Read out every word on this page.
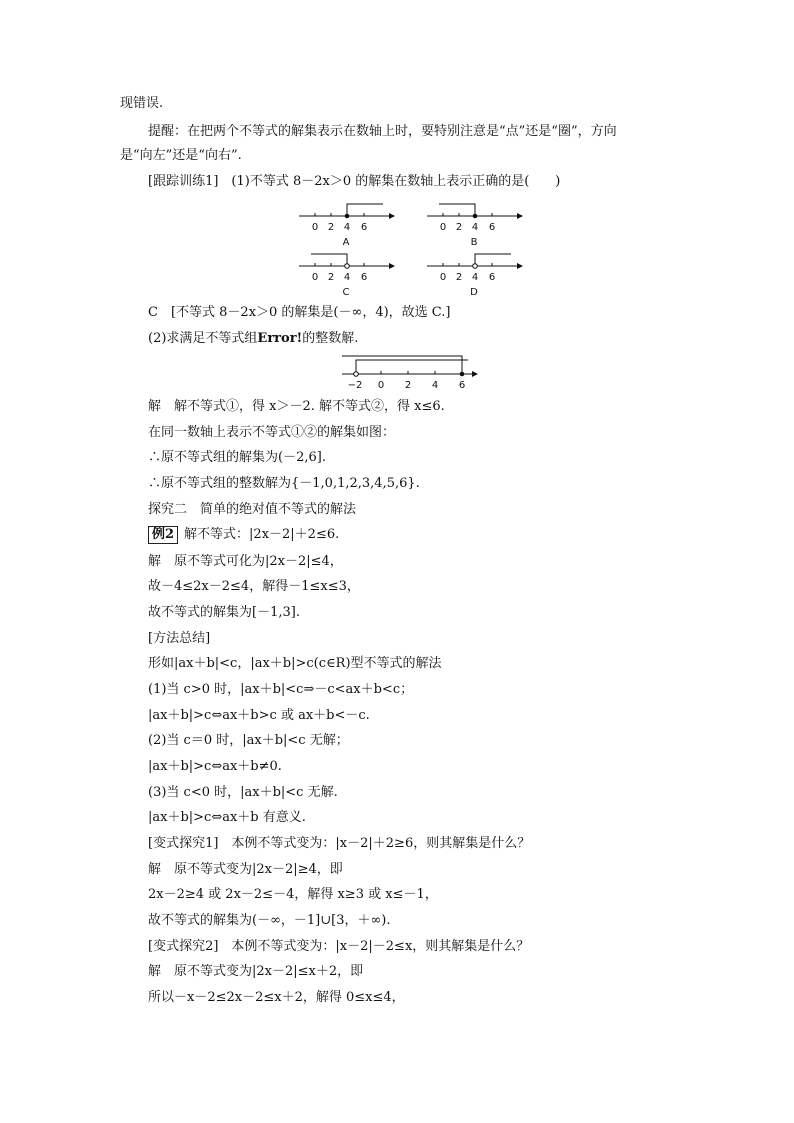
现错误.
提醒：在把两个不等式的解集表示在数轴上时，要特别注意是“点”还是“圈”，方向
是“向左”还是“向右”.
[跟踪训练1]　(1)不等式 8－2x＞0 的解集在数轴上表示正确的是(　　)
0 2 4 6
A
0 2 4 6
B
0 2 4 6
C
0 2 4 6
D
C　[不等式 8－2x＞0 的解集是(－∞，4)，故选 C.]
(2)求满足不等式组Error!的整数解.
−2 0 2 4 6
解　解不等式①，得 x＞－2. 解不等式②，得 x≤6.
在同一数轴上表示不等式①②的解集如图：
∴原不等式组的解集为(－2,6].
∴原不等式组的整数解为{－1,0,1,2,3,4,5,6}.
探究二　简单的绝对值不等式的解法
例2 解不等式：|2x－2|＋2≤6.
解　原不等式可化为|2x－2|≤4，
故－4≤2x－2≤4，解得－1≤x≤3，
故不等式的解集为[－1,3].
[方法总结]
形如|ax＋b|<c，|ax＋b|>c(c∈R)型不等式的解法
(1)当 c>0 时，|ax＋b|<c⇒－c<ax＋b<c；
|ax＋b|>c⇔ax＋b>c 或 ax＋b<－c.
(2)当 c＝0 时，|ax＋b|<c 无解；
|ax＋b|>c⇔ax＋b≠0.
(3)当 c<0 时，|ax＋b|<c 无解.
|ax＋b|>c⇔ax＋b 有意义.
[变式探究1]　本例不等式变为：|x－2|＋2≥6，则其解集是什么？
解　原不等式变为|2x－2|≥4，即
2x－2≥4 或 2x－2≤－4，解得 x≥3 或 x≤－1，
故不等式的解集为(－∞，－1]∪[3，＋∞).
[变式探究2]　本例不等式变为：|x－2|－2≤x，则其解集是什么？
解　原不等式变为|2x－2|≤x＋2，即
所以－x－2≤2x－2≤x＋2，解得 0≤x≤4，
